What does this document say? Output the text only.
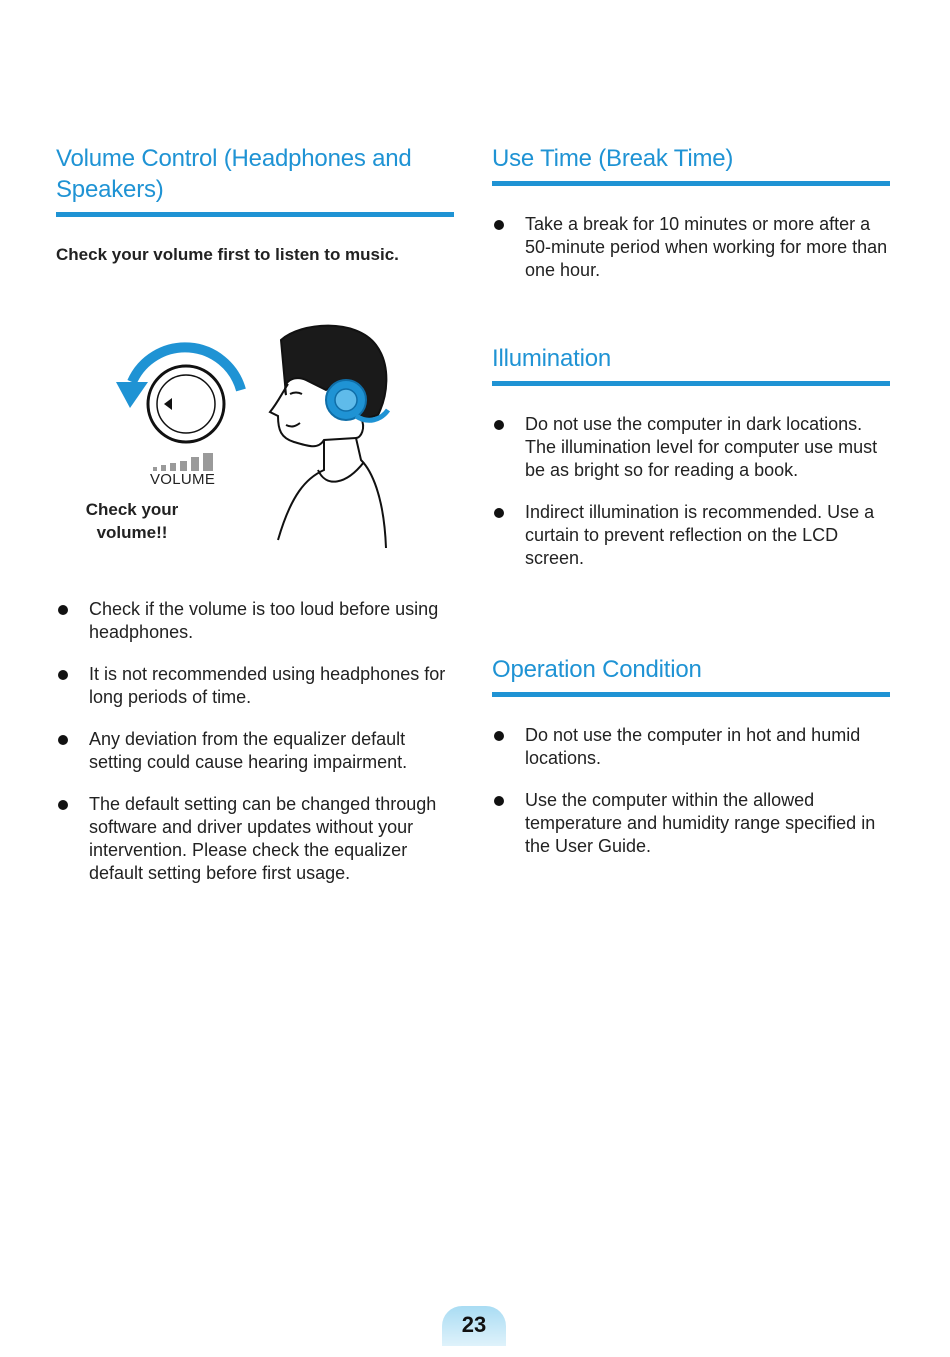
Volume Control (Headphones and Speakers)
Check your volume first to listen to music.
Check if the volume is too loud before using headphones.
It is not recommended using headphones for long periods of time.
Any deviation from the equalizer default setting could cause hearing impairment.
The default setting can be changed through software and driver updates without your intervention. Please check the equalizer default setting before first usage.
VOLUME
Check your volume!!
Use Time (Break Time)
Take a break for 10 minutes or more after a 50-minute period when working for more than one hour.
Illumination
Do not use the computer in dark locations. The illumination level for computer use must be as bright so for reading a book.
Indirect illumination is recommended. Use a curtain to prevent reflection on the LCD screen.
Operation Condition
Do not use the computer in hot and humid locations.
Use the computer within the allowed temperature and humidity range specified in the User Guide.
23
